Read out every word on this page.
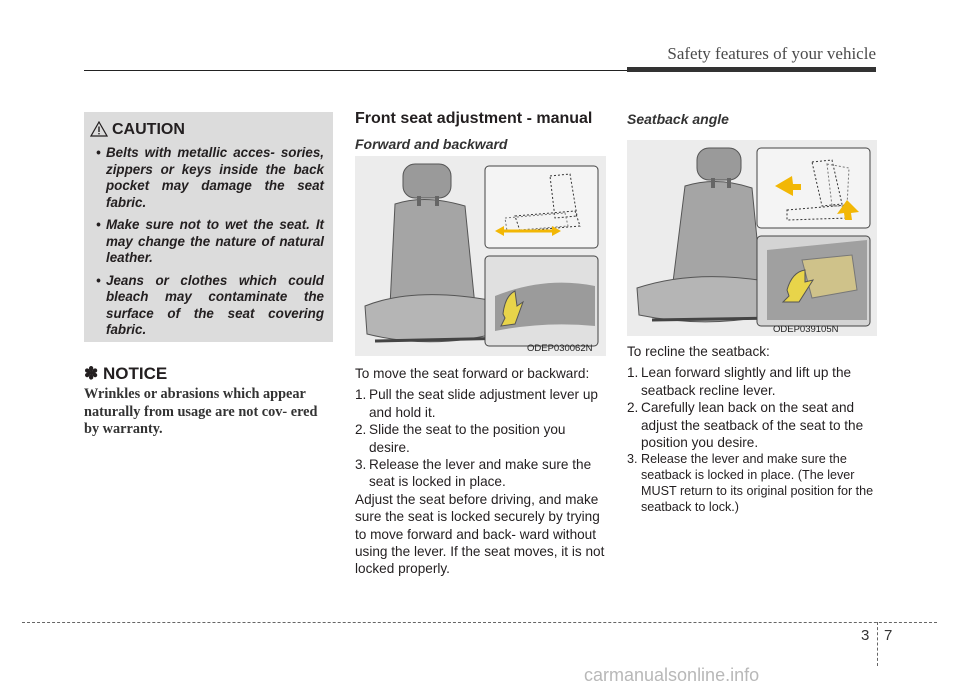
Safety features of your vehicle
CAUTION
• Belts with metallic acces- sories, zippers or keys inside the back pocket may damage the seat fabric.
• Make sure not to wet the seat. It may change the nature of natural leather.
• Jeans or clothes which could bleach may contaminate the surface of the seat covering fabric.
✽ NOTICE
Wrinkles or abrasions which appear naturally from usage are not cov- ered by warranty.
Front seat adjustment - manual
Forward and backward
ODEP030062N

To move the seat forward or backward:

1. Pull the seat slide adjustment lever up and hold it.

2. Slide the seat to the position you desire.

3. Release the lever and make sure the seat is locked in place.

Adjust the seat before driving, and make sure the seat is locked securely by trying to move forward and back- ward without using the lever. If the seat moves, it is not locked properly.

Seatback angle
ODEP039105N

To recline the seatback:

1. Lean forward slightly and lift up the seatback recline lever.

2. Carefully lean back on the seat and adjust the seatback of the seat to the position you desire.

3. Release the lever and make sure the seatback is locked in place. (The lever MUST return to its original position for the seatback to lock.)

3 7
carmanualsonline.info
